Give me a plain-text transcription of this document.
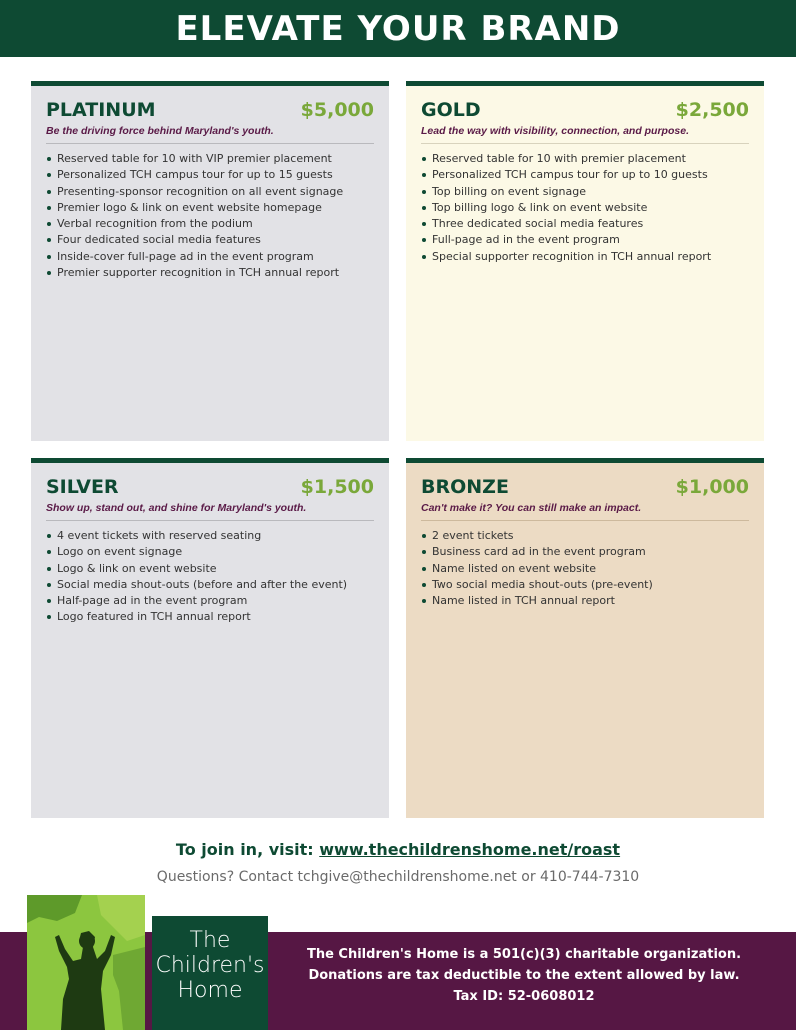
ELEVATE YOUR BRAND
PLATINUM	$5,000
Be the driving force behind Maryland's youth.
Reserved table for 10 with VIP premier placement
Personalized TCH campus tour for up to 15 guests
Presenting-sponsor recognition on all event signage
Premier logo & link on event website homepage
Verbal recognition from the podium
Four dedicated social media features
Inside-cover full-page ad in the event program
Premier supporter recognition in TCH annual report
GOLD	$2,500
Lead the way with visibility, connection, and purpose.
Reserved table for 10 with premier placement
Personalized TCH campus tour for up to 10 guests
Top billing on event signage
Top billing logo & link on event website
Three dedicated social media features
Full-page ad in the event program
Special supporter recognition in TCH annual report
SILVER	$1,500
Show up, stand out, and shine for Maryland's youth.
4 event tickets with reserved seating
Logo on event signage
Logo & link on event website
Social media shout-outs (before and after the event)
Half-page ad in the event program
Logo featured in TCH annual report
BRONZE	$1,000
Can't make it? You can still make an impact.
2 event tickets
Business card ad in the event program
Name listed on event website
Two social media shout-outs (pre-event)
Name listed in TCH annual report
To join in, visit: www.thechildrenshome.net/roast
Questions? Contact tchgive@thechildrenshome.net or 410-744-7310
The
Children's
Home
The Children's Home is a 501(c)(3) charitable organization.
Donations are tax deductible to the extent allowed by law.
Tax ID: 52-0608012
